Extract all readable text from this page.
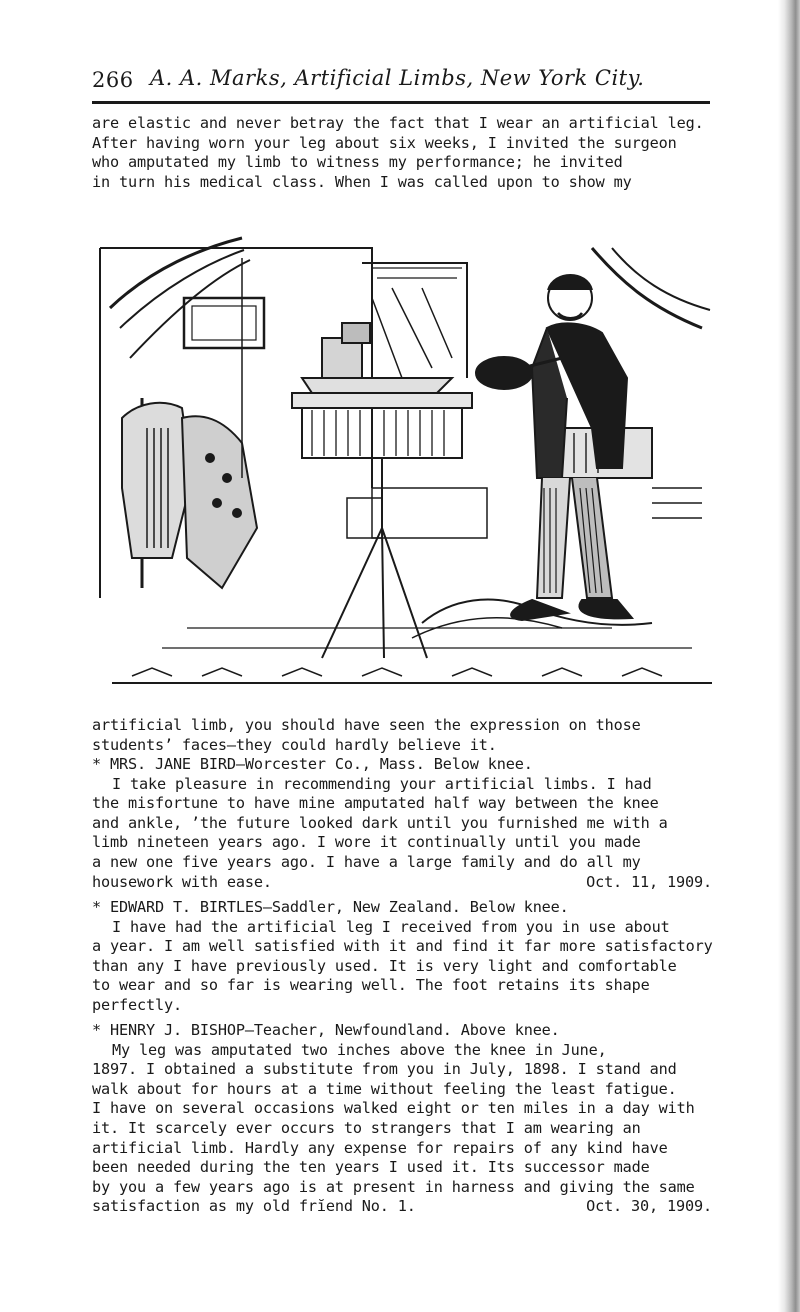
266 A. A. Marks, Artificial Limbs, New York City.
are elastic and never betray the fact that I wear an artificial leg.
After having worn your leg about six weeks, I invited the surgeon
who amputated my limb to witness my performance; he invited
in turn his medical class. When I was called upon to show my
artificial limb, you should have seen the expression on those
students’ faces—they could hardly believe it.
* MRS. JANE BIRD—Worcester Co., Mass. Below knee.
I take pleasure in recommending your artificial limbs. I had
the misfortune to have mine amputated half way between the knee
and ankle, ’the future looked dark until you furnished me with a
limb nineteen years ago. I wore it continually until you made
a new one five years ago. I have a large family and do all my
housework with ease.	Oct. 11, 1909.
* EDWARD T. BIRTLES—Saddler, New Zealand. Below knee.
I have had the artificial leg I received from you in use about
a year. I am well satisfied with it and find it far more satisfactory
than any I have previously used. It is very light and comfortable
to wear and so far is wearing well. The foot retains its shape
perfectly.
* HENRY J. BISHOP—Teacher, Newfoundland. Above knee.
My leg was amputated two inches above the knee in June,
1897. I obtained a substitute from you in July, 1898. I stand and
walk about for hours at a time without feeling the least fatigue.
I have on several occasions walked eight or ten miles in a day with
it. It scarcely ever occurs to strangers that I am wearing an
artificial limb. Hardly any expense for repairs of any kind have
been needed during the ten years I used it. Its successor made
by you a few years ago is at present in harness and giving the same
satisfaction as my old frĭend No. 1.	Oct. 30, 1909.
